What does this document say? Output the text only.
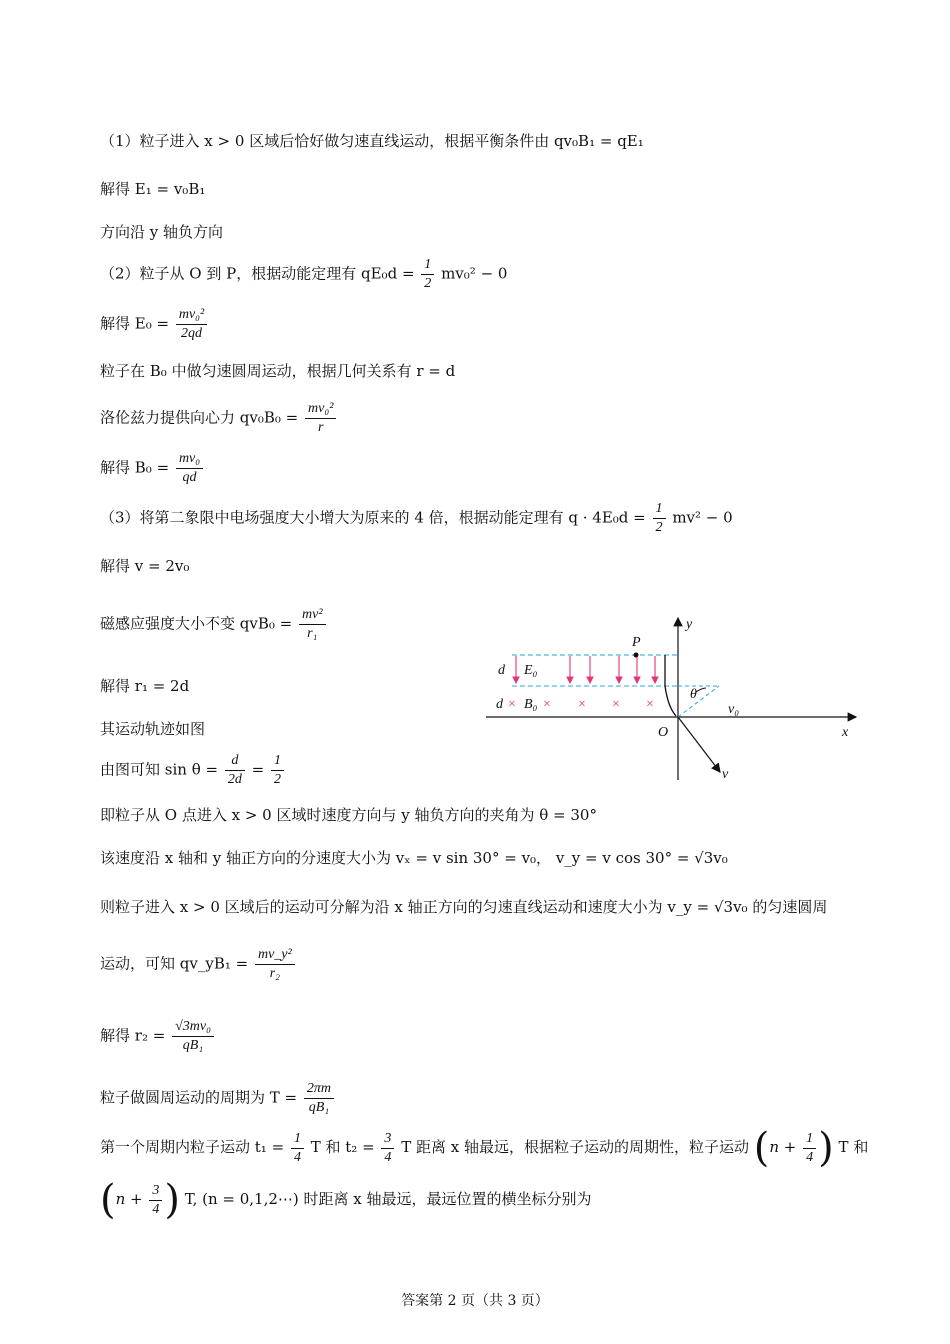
（1）粒子进入 x > 0 区域后恰好做匀速直线运动，根据平衡条件由 qv₀B₁ = qE₁
解得 E₁ = v₀B₁
方向沿 y 轴负方向
（2）粒子从 O 到 P，根据动能定理有 $qE_0d = \frac{1}{2} mv_0^2 - 0$
解得 $E_0 = \frac{\text{mv₀²}}{2qd}$
粒子在 B₀ 中做匀速圆周运动，根据几何关系有 r = d
洛伦兹力提供向心力 $qv_0B_0 = \frac{\text{mv₀²}}{r}$
解得 $B_0 = \frac{\text{mv₀}}{qd}$
（3）将第二象限中电场强度大小增大为原来的 4 倍，根据动能定理有 $q \cdot 4E_0d = \frac{1}{2} mv^2 - 0$
解得 v = 2v₀
磁感应强度大小不变 $qvB_0 = \frac{\text{mv²}}{\text{r₁}}$
解得 r₁ = 2d
其运动轨迹如图
由图可知 $\sin \theta = \frac{d}{2d} = \frac{1}{2}$
即粒子从 O 点进入 x > 0 区域时速度方向与 y 轴负方向的夹角为 θ = 30°
该速度沿 x 轴和 y 轴正方向的分速度大小为 vₓ = v sin 30° = v₀， v_y = v cos 30° = √3v₀
则粒子进入 x > 0 区域后的运动可分解为沿 x 轴正方向的匀速直线运动和速度大小为 v_y = √3v₀ 的匀速圆周
运动，可知 qv_yB₁ = $\frac{\text{mv\_y²}}{\text{r₂}}$
解得 $r_2 = \frac{\text{√3mv₀}}{\text{qB₁}}$
粒子做圆周运动的周期为 $T = \frac{2\pi m}{\text{qB₁}}$
第一个周期内粒子运动 $t_1 = \frac{1}{4}$ T 和 $t_2 = \frac{3}{4}$ T 距离 x 轴最远，根据粒子运动的周期性，粒子运动 ($n + \frac{1}{4}$ ) T 和
($n + \frac{3}{4}$ ) T, (n = 0,1,2⋯) 时距离 x 轴最远，最远位置的横坐标分别为
x
y
O
d E₀
d × B₀ × × × ×
P
v
v₀
θ
答案第 2 页（共 3 页）
